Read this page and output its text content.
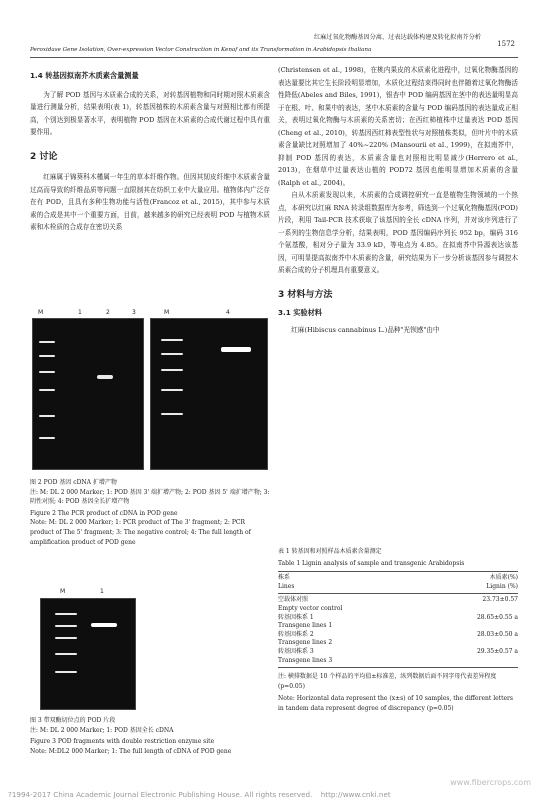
红麻过氧化物酶基因分离、过表达载体构建及转化拟南芥分析
1572
Peroxidase Gene Isolation, Over-expression Vector Construction in Kenaf and its Transformation in Arabidopsis thaliana
1.4 转基因拟南芥木质素含量测量

为了解 POD 基因与木质素合成的关系，对转基因植物和同时期对照木质素含量进行测量分析，结果表明(表 1)，转基因植株的木质素含量与对照相比都有所提高，个别达到极显著水平，表明植物 POD 基因在木质素的合成代谢过程中具有重要作用。

2 讨论

红麻属于锦葵科木槿属一年生的草本纤维作物。但因其韧皮纤维中木质素含量过高而导致的纤维品质等问题一直限制其在纺织工业中大量应用。植物体内广泛存在有 POD，且具有多种生物功能与活性(Francoz et al., 2015)，其中参与木质素的合成是其中一个重要方面，目前，越来越多的研究已经表明 POD 与植物木质素和木栓质的合成存在密切关系

M	1	2	3	M	4
图 2 POD 基因 cDNA 扩增产物
注: M: DL 2 000 Marker; 1: POD 基因 3' 端扩增产物; 2: POD 基因 5' 端扩增产物; 3: 阴性对照; 4: POD 基因全长扩增产物
Figure 2 The PCR product of cDNA in POD gene
Note: M: DL 2 000 Marker; 1: PCR product of The 3' fragment; 2: PCR product of The 5' fragment; 3: The negative control; 4: The full length of amplification product of POD gene
M	1
图 3 带双酶切位点的 POD 片段
注: M: DL 2 000 Marker; 1: POD 基因全长 cDNA
Figure 3 POD fragments with double restriction enzyme site
Note: M:DL2 000 Marker; 1: The full length of cDNA of POD gene

(Christensen et al., 1998)，在桃内果皮的木质素化进程中，过氧化物酶基因的表达量要比其它生长阶段明显增加，木质化过程结束得同时也伴随着过氧化物酶活性降低(Abeles and Biles, 1991)，银杏中 POD 编码基因在茎中的表达量明显高于在根、叶、和果中的表达，茎中木质素的含量与 POD 编码基因的表达量成正相关，表明过氧化物酶与木质素的关系密切；在西红柿植株中过量表达 POD 基因(Cheng et al., 2010)，转基因西红柿表型性状与对照植株类似，但叶片中的木质素含量缺比对照增加了 40%~220% (Mansourii et al., 1999)，在拟南芥中，抑制 POD 基因的表达，木质素含量也对照相比明显减少(Herrero et al., 2013)，在烟草中过量表达山植的 POD72 基因也能明显增加木质素的含量(Ralph et al., 2004)。

自从木质素发现以来，木质素的合成调控研究一直是植物生物领域的一个热点，本研究以红麻 RNA 转录组数据库为参考，筛选到一个过氧化物酶基因(POD)片段，利用 Tail-PCR 技术获取了该基因的全长 cDNA 序列，并对该序列进行了一系列的生物信息学分析，结果表明，POD 基因编码序列长 952 bp，编码 316 个氨基酸，相对分子量为 33.9 kD，等电点为 4.85。在拟南芥中异源表达该基因，可明显提高拟南芥中木质素的含量，研究结果为下一步分析该基因参与调控木质素合成的分子机理具有重要意义。

3 材料与方法
3.1 实验材料

红麻(Hibiscus cannabinus L.)品种"光钡感"由中

表 1 转基因和对照样品木质素含量测定
Table 1 Lignin analysis of sample and transgenic Arabidopsis
株系	木质素(%)
Lines	Lignin (%)
空载体对照	23.73±0.57
Empty vector control
转基因株系 1	28.65±0.55 a
Transgene lines 1
转基因株系 2	28.03±0.50 a
Transgene lines 2
转基因株系 3	29.35±0.57 a
Transgene lines 3
注: 横排数据是 10 个样品的平均值±标准差，纵列数据后面不同字母代表差异程度(p=0.05)
Note: Horizontal data represent the (x±s) of 10 samples, the different letters in tandem data represent degree of discrepancy (p=0.05)
?1994-2017 China Academic Journal Electronic Publishing House. All rights reserved. http://www.cnki.net
www.fibercrops.com
